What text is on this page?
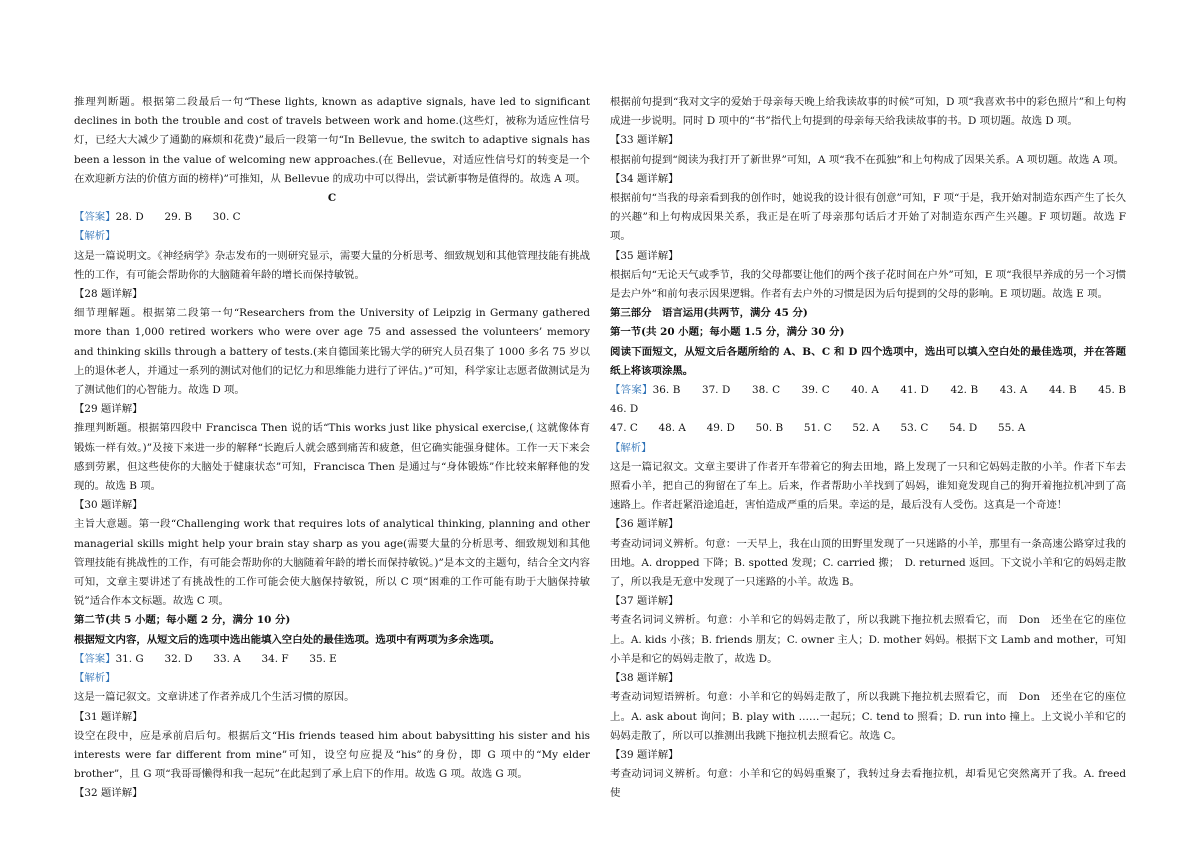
推理判断题。根据第二段最后一句“These lights, known as adaptive signals, have led to significant declines in both the trouble and cost of travels between work and home.(这些灯，被称为适应性信号灯，已经大大减少了通勤的麻烦和花费)”最后一段第一句“In Bellevue, the switch to adaptive signals has been a lesson in the value of welcoming new approaches.(在 Bellevue，对适应性信号灯的转变是一个在欢迎新方法的价值方面的榜样)”可推知，从 Bellevue 的成功中可以得出，尝试新事物是值得的。故选 A 项。

C

【答案】28. D　　29. B　　30. C

【解析】

这是一篇说明文。《神经病学》杂志发布的一则研究显示，需要大量的分析思考、细致规划和其他管理技能有挑战性的工作，有可能会帮助你的大脑随着年龄的增长而保持敏锐。

【28 题详解】

细节理解题。根据第二段第一句“Researchers from the University of Leipzig in Germany gathered more than 1,000 retired workers who were over age 75 and assessed the volunteers’ memory and thinking skills through a battery of tests.(来自德国莱比锡大学的研究人员召集了 1000 多名 75 岁以上的退休老人，并通过一系列的测试对他们的记忆力和思维能力进行了评估。)”可知，科学家让志愿者做测试是为了测试他们的心智能力。故选 D 项。

【29 题详解】

推理判断题。根据第四段中 Francisca Then 说的话“This works just like physical exercise,( 这就像体育锻炼一样有效。)”及接下来进一步的解释“长跑后人就会感到痛苦和疲惫，但它确实能强身健体。工作一天下来会感到劳累，但这些使你的大脑处于健康状态”可知，Francisca Then 是通过与“身体锻炼”作比较来解释他的发现的。故选 B 项。

【30 题详解】

主旨大意题。第一段“Challenging work that requires lots of analytical thinking, planning and other managerial skills might help your brain stay sharp as you age(需要大量的分析思考、细致规划和其他管理技能有挑战性的工作，有可能会帮助你的大脑随着年龄的增长而保持敏锐。)”是本文的主题句，结合全文内容可知，文章主要讲述了有挑战性的工作可能会使大脑保持敏锐，所以 C 项“困难的工作可能有助于大脑保持敏锐”适合作本文标题。故选 C 项。

第二节(共 5 小题；每小题 2 分，满分 10 分)

根据短文内容，从短文后的选项中选出能填入空白处的最佳选项。选项中有两项为多余选项。

【答案】31. G　　32. D　　33. A　　34. F　　35. E

【解析】

这是一篇记叙文。文章讲述了作者养成几个生活习惯的原因。

【31 题详解】

设空在段中，应是承前启后句。根据后文“His friends teased him about babysitting his sister and his interests were far different from mine”可知，设空句应提及“his”的身份，即 G 项中的“My elder brother”，且 G 项“我哥哥懒得和我一起玩”在此起到了承上启下的作用。故选 G 项。故选 G 项。

【32 题详解】

根据前句提到“我对文字的爱始于母亲每天晚上给我读故事的时候”可知，D 项“我喜欢书中的彩色照片”和上句构成进一步说明。同时 D 项中的“书”指代上句提到的母亲每天给我读故事的书。D 项切题。故选 D 项。

【33 题详解】

根据前句提到“阅读为我打开了新世界”可知，A 项“我不在孤独”和上句构成了因果关系。A 项切题。故选 A 项。

【34 题详解】

根据前句“当我的母亲看到我的创作时，她说我的设计很有创意”可知，F 项“于是，我开始对制造东西产生了长久的兴趣”和上句构成因果关系，我正是在听了母亲那句话后才开始了对制造东西产生兴趣。F 项切题。故选 F 项。

【35 题详解】

根据后句“无论天气或季节，我的父母都要让他们的两个孩子花时间在户外”可知，E 项“我很早养成的另一个习惯是去户外”和前句表示因果逻辑。作者有去户外的习惯是因为后句提到的父母的影响。E 项切题。故选 E 项。

第三部分　语言运用(共两节，满分 45 分)

第一节(共 20 小题；每小题 1.5 分，满分 30 分)

阅读下面短文，从短文后各题所给的 A、B、C 和 D 四个选项中，选出可以填入空白处的最佳选项，并在答题纸上将该项涂黑。

【答案】36. B　　37. D　　38. C　　39. C　　40. A　　41. D　　42. B　　43. A　　44. B　　45. B　　46. D

47. C　　48. A　　49. D　　50. B　　51. C　　52. A　　53. C　　54. D　　55. A

【解析】

这是一篇记叙文。文章主要讲了作者开车带着它的狗去田地，路上发现了一只和它妈妈走散的小羊。作者下车去照看小羊，把自己的狗留在了车上。后来，作者帮助小羊找到了妈妈，谁知竟发现自己的狗开着拖拉机冲到了高速路上。作者赶紧沿途追赶，害怕造成严重的后果。幸运的是，最后没有人受伤。这真是一个奇迹！

【36 题详解】

考查动词词义辨析。句意：一天早上，我在山顶的田野里发现了一只迷路的小羊，那里有一条高速公路穿过我的田地。A. dropped 下降；B. spotted 发现；C. carried 搬；　D. returned 返回。下文说小羊和它的妈妈走散了，所以我是无意中发现了一只迷路的小羊。故选 B。

【37 题详解】

考查名词词义辨析。句意：小羊和它的妈妈走散了，所以我跳下拖拉机去照看它，而　Don　还坐在它的座位上。A. kids 小孩；B. friends 朋友；C. owner 主人；D. mother 妈妈。根据下文 Lamb and mother，可知小羊是和它的妈妈走散了，故选 D。

【38 题详解】

考查动词短语辨析。句意：小羊和它的妈妈走散了，所以我跳下拖拉机去照看它，而　Don　还坐在它的座位上。A. ask about 询问；B. play with ……一起玩；C. tend to 照看；D. run into 撞上。上文说小羊和它的妈妈走散了，所以可以推测出我跳下拖拉机去照看它。故选 C。

【39 题详解】

考查动词词义辨析。句意：小羊和它的妈妈重聚了，我转过身去看拖拉机，却看见它突然离开了我。A. freed　使
